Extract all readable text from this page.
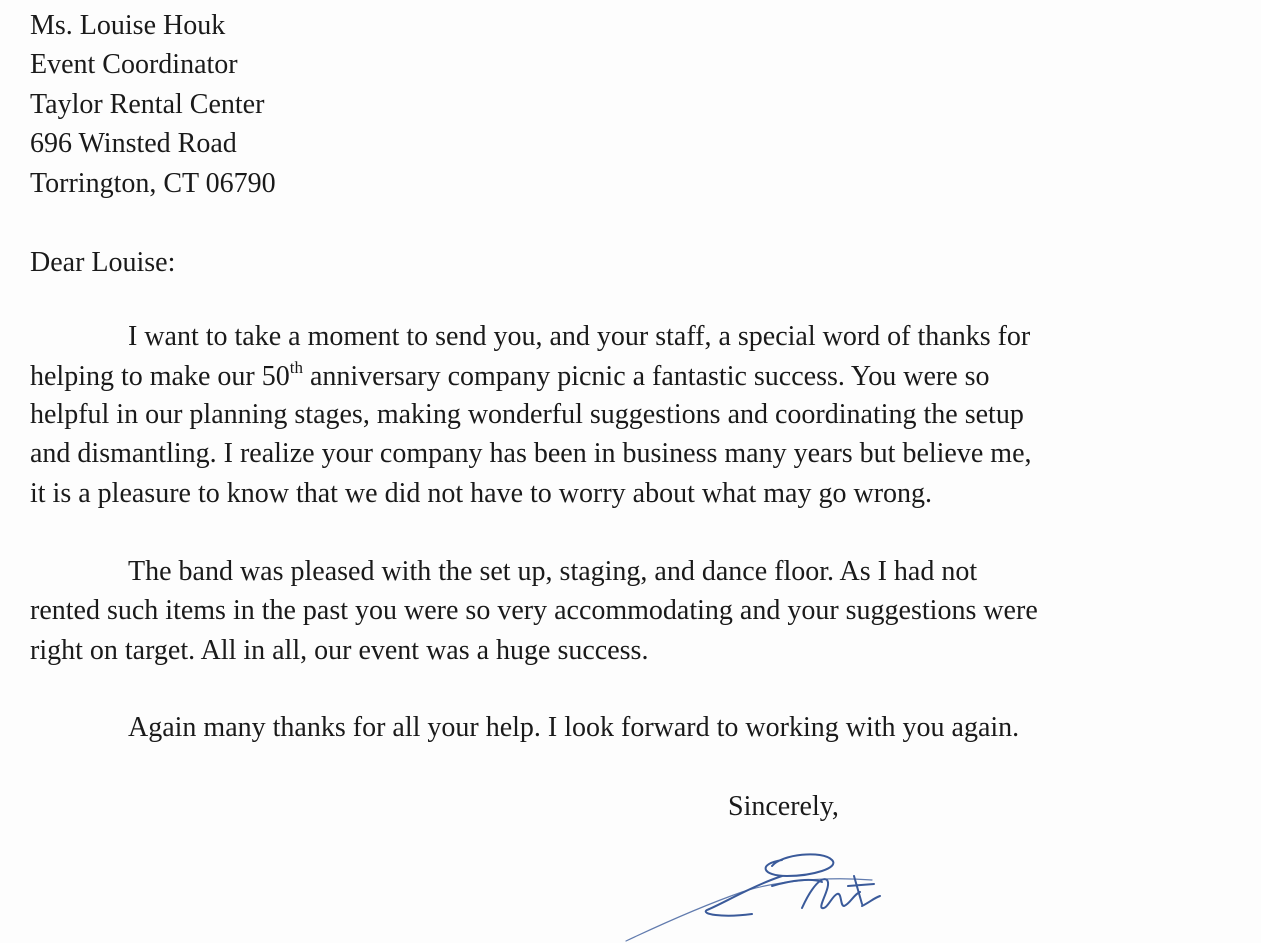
Ms. Louise Houk
Event Coordinator
Taylor Rental Center
696 Winsted Road
Torrington, CT 06790
Dear Louise:
I want to take a moment to send you, and your staff, a special word of thanks for
helping to make our 50th anniversary company picnic a fantastic success. You were so
helpful in our planning stages, making wonderful suggestions and coordinating the setup
and dismantling. I realize your company has been in business many years but believe me,
it is a pleasure to know that we did not have to worry about what may go wrong.
The band was pleased with the set up, staging, and dance floor. As I had not
rented such items in the past you were so very accommodating and your suggestions were
right on target. All in all, our event was a huge success.
Again many thanks for all your help. I look forward to working with you again.
Sincerely,
